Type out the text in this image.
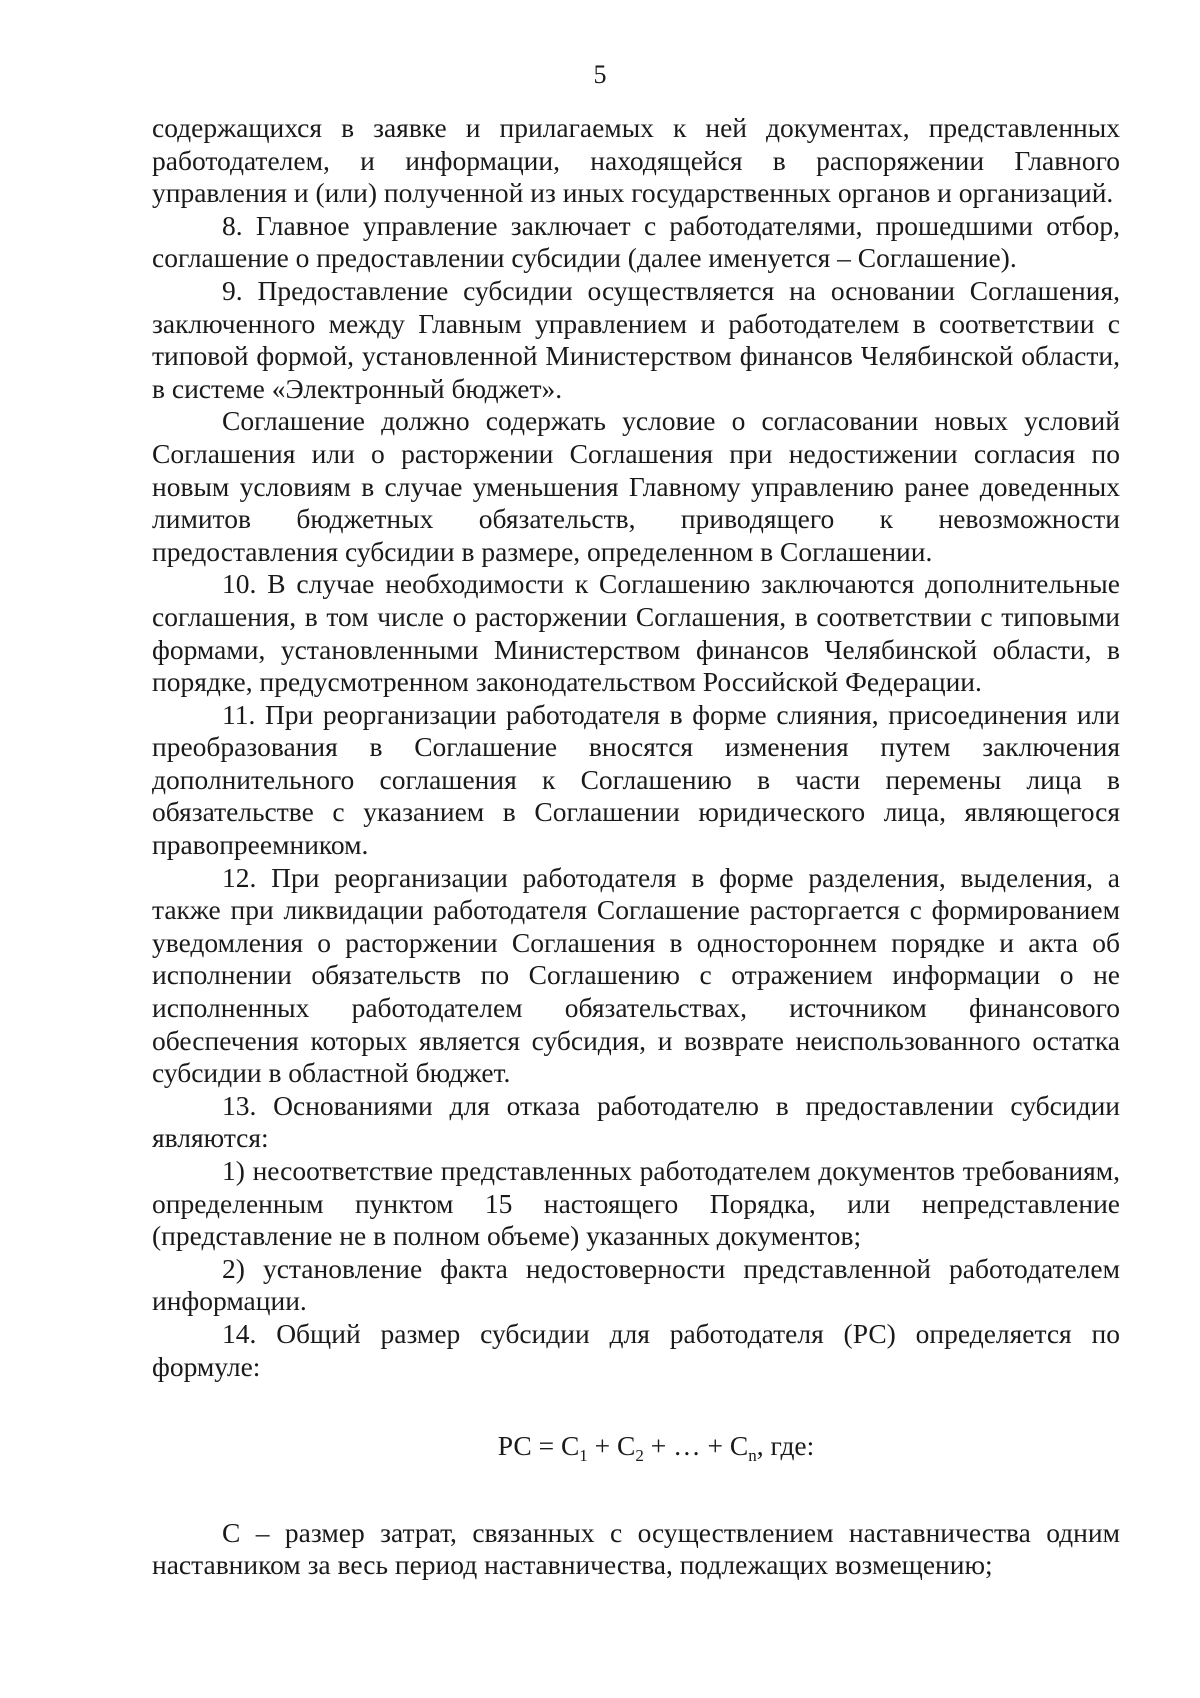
5

содержащихся в заявке и прилагаемых к ней документах, представленных работодателем, и информации, находящейся в распоряжении Главного управления и (или) полученной из иных государственных органов и организаций.

8. Главное управление заключает с работодателями, прошедшими отбор, соглашение о предоставлении субсидии (далее именуется – Соглашение).

9. Предоставление субсидии осуществляется на основании Соглашения, заключенного между Главным управлением и работодателем в соответствии с типовой формой, установленной Министерством финансов Челябинской области, в системе «Электронный бюджет».

Соглашение должно содержать условие о согласовании новых условий Соглашения или о расторжении Соглашения при недостижении согласия по новым условиям в случае уменьшения Главному управлению ранее доведенных лимитов бюджетных обязательств, приводящего к невозможности предоставления субсидии в размере, определенном в Соглашении.

10. В случае необходимости к Соглашению заключаются дополнительные соглашения, в том числе о расторжении Соглашения, в соответствии с типовыми формами, установленными Министерством финансов Челябинской области, в порядке, предусмотренном законодательством Российской Федерации.

11. При реорганизации работодателя в форме слияния, присоединения или преобразования в Соглашение вносятся изменения путем заключения дополнительного соглашения к Соглашению в части перемены лица в обязательстве с указанием в Соглашении юридического лица, являющегося правопреемником.

12. При реорганизации работодателя в форме разделения, выделения, а также при ликвидации работодателя Соглашение расторгается с формированием уведомления о расторжении Соглашения в одностороннем порядке и акта об исполнении обязательств по Соглашению с отражением информации о не исполненных работодателем обязательствах, источником финансового обеспечения которых является субсидия, и возврате неиспользованного остатка субсидии в областной бюджет.

13. Основаниями для отказа работодателю в предоставлении субсидии являются:

1) несоответствие представленных работодателем документов требованиям, определенным пунктом 15 настоящего Порядка, или непредставление (представление не в полном объеме) указанных документов;

2) установление факта недостоверности представленной работодателем информации.

14. Общий размер субсидии для работодателя (РС) определяется по формуле:

РС = $C_1 + C_2$ + … + $C_n$, где:

С – размер затрат, связанных с осуществлением наставничества одним наставником за весь период наставничества, подлежащих возмещению;
